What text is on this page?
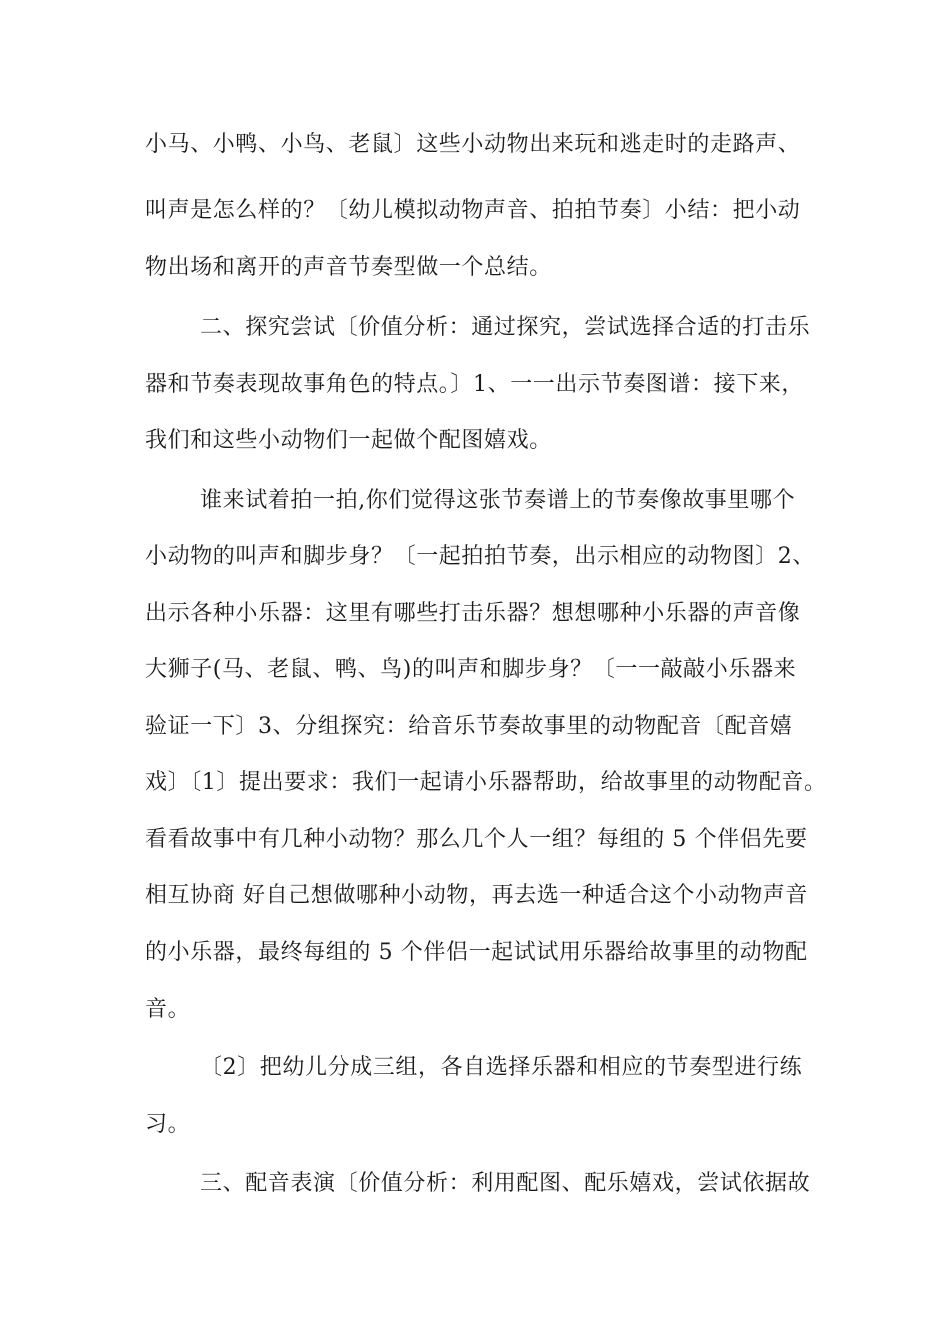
小马、小鸭、小鸟、老鼠〕这些小动物出来玩和逃走时的走路声、
叫声是怎么样的？〔幼儿模拟动物声音、拍拍节奏〕小结：把小动
物出场和离开的声音节奏型做一个总结。
二、探究尝试〔价值分析：通过探究，尝试选择合适的打击乐
器和节奏表现故事角色的特点。〕1、一一出示节奏图谱：接下来，
我们和这些小动物们一起做个配图嬉戏。
谁来试着拍一拍,你们觉得这张节奏谱上的节奏像故事里哪个
小动物的叫声和脚步身？〔一起拍拍节奏，出示相应的动物图〕2、
出示各种小乐器：这里有哪些打击乐器？想想哪种小乐器的声音像
大狮子(马、老鼠、鸭、鸟)的叫声和脚步身？〔一一敲敲小乐器来
验证一下〕3、分组探究：给音乐节奏故事里的动物配音〔配音嬉
戏〕〔1〕提出要求：我们一起请小乐器帮助，给故事里的动物配音。
看看故事中有几种小动物？那么几个人一组？每组的 5 个伴侣先要
相互协商 好自己想做哪种小动物，再去选一种适合这个小动物声音
的小乐器，最终每组的 5 个伴侣一起试试用乐器给故事里的动物配
音。
〔2〕把幼儿分成三组，各自选择乐器和相应的节奏型进行练
习。
三、配音表演〔价值分析：利用配图、配乐嬉戏，尝试依据故
